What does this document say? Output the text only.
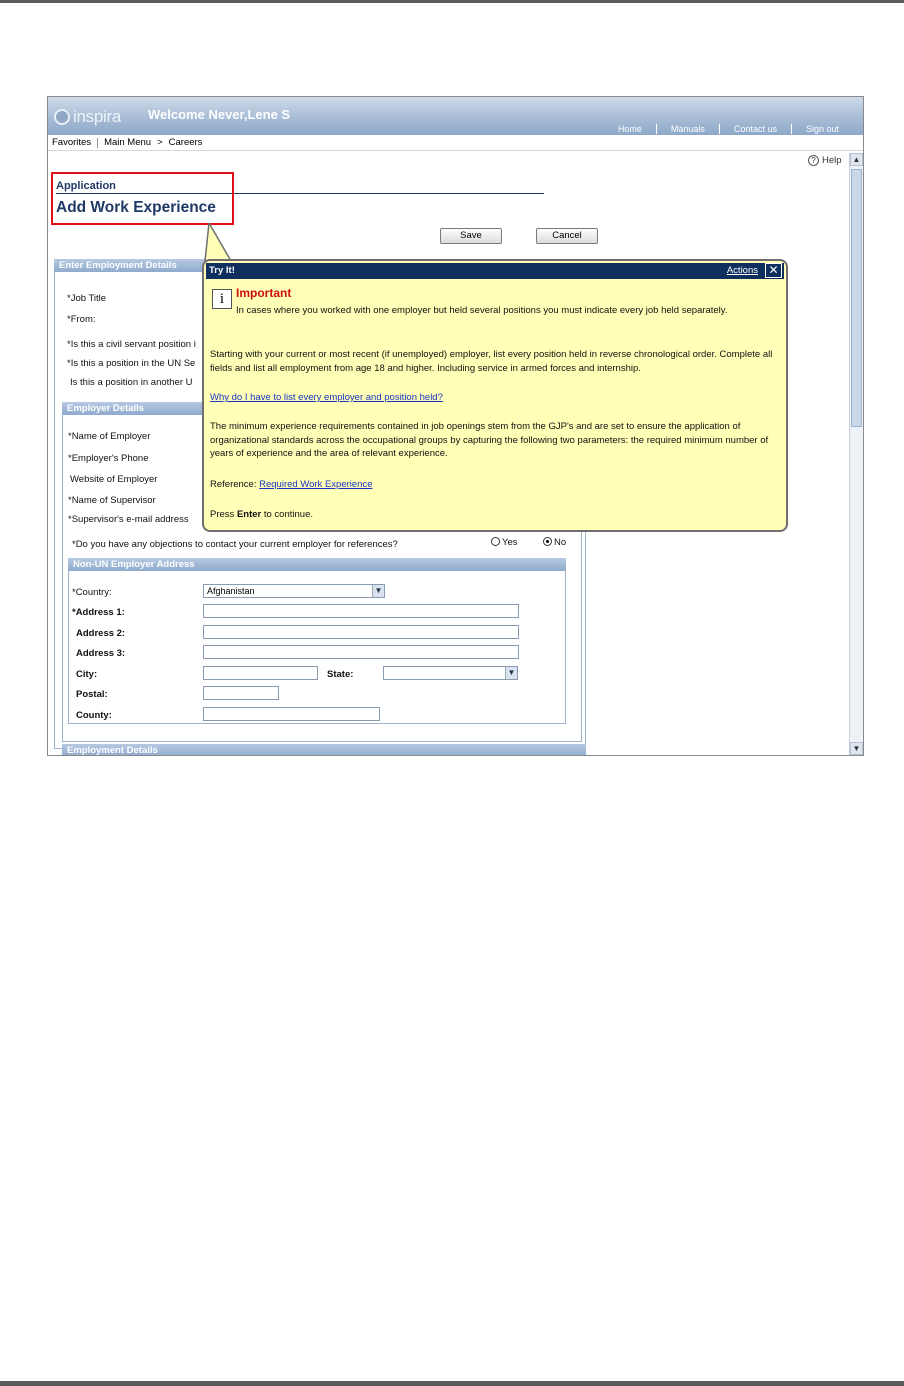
inspira Welcome Never,Lene S
Home	Manuals	Contact us	Sign out
Favorites	Main Menu > Careers
? Help	▲
▼
Application
Add Work Experience
Save	Cancel
Enter Employment Details
*Job Title
*From:
*Is this a civil servant position i
*Is this a position in the UN Se
Is this a position in another U
Employer Details
*Name of Employer
*Employer's Phone
Website of Employer
*Name of Supervisor
*Supervisor's e-mail address
*Do you have any objections to contact your current employer for references?	Yes	No
Non-UN Employer Address
*Country:	Afghanistan	▼
*Address 1:
Address 2:
Address 3:
City:	State:	▼
Postal:
County:
Employment Details
Try It!	Actions ✕
i Important
In cases where you worked with one employer but held several positions you must indicate every job held separately.
Starting with your current or most recent (if unemployed) employer, list every position held in reverse chronological order. Complete all fields and list all employment from age 18 and higher. Including service in armed forces and internship.
Why do I have to list every employer and position held?
The minimum experience requirements contained in job openings stem from the GJP's and are set to ensure the application of organizational standards across the occupational groups by capturing the following two parameters: the required minimum number of years of experience and the area of relevant experience.
Reference: Required Work Experience
Press Enter to continue.
